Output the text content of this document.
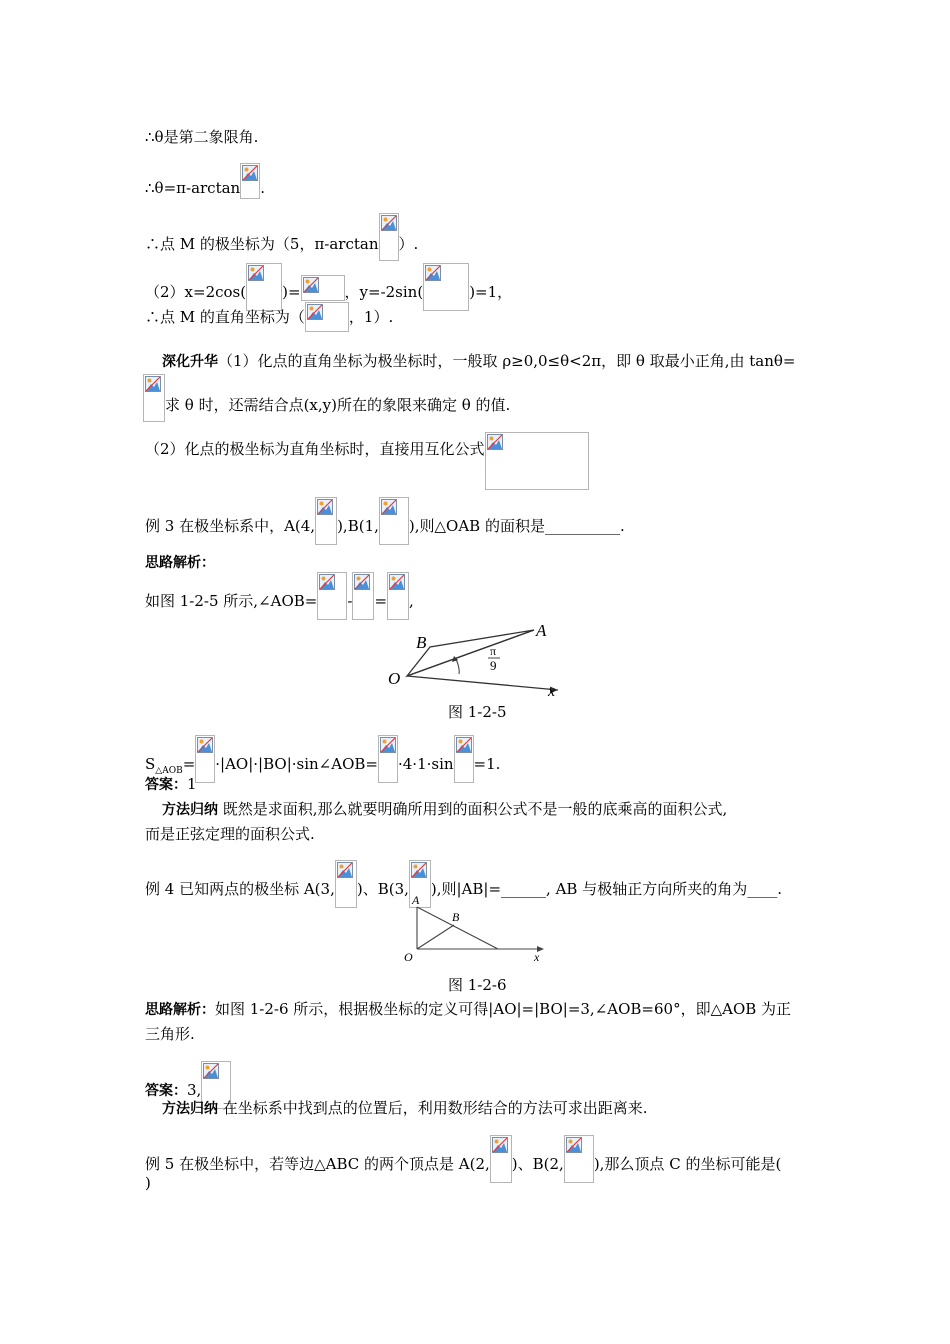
∴θ是第二象限角.
∴θ=π-arctan .
∴点 M 的极坐标为（5，π-arctan ）.
（2）x=2cos( )=	，y=-2sin(	)=1，
∴点 M 的直角坐标为（	，1）.
深化升华（1）化点的直角坐标为极坐标时，一般取 ρ≥0,0≤θ<2π，即 θ 取最小正角,由 tanθ=
求 θ 时，还需结合点(x,y)所在的象限来确定 θ 的值.
（2）化点的极坐标为直角坐标时，直接用互化公式
例 3 在极坐标系中，A(4, ),B(1, ),则△OAB 的面积是__________.
思路解析：
如图 1-2-5 所示,∠AOB= - = ,
B
A
O
x
π
9
图 1-2-5
$S_{\triangle AOB}=$ ·|AO|·|BO|·sin∠AOB= ·4·1·sin =1.
答案：1
方法归纳 既然是求面积,那么就要明确所用到的面积公式不是一般的底乘高的面积公式,
而是正弦定理的面积公式.
例 4 已知两点的极坐标 A(3, )、B(3, ),则|AB|=______, AB 与极轴正方向所夹的角为____.
A
B
O	x
图 1-2-6
思路解析：如图 1-2-6 所示，根据极坐标的定义可得|AO|=|BO|=3,∠AOB=60°，即△AOB 为正
三角形.
答案：3,
方法归纳 在坐标系中找到点的位置后，利用数形结合的方法可求出距离来.
例 5 在极坐标中，若等边△ABC 的两个顶点是 A(2, )、B(2, ),那么顶点 C 的坐标可能是(
)
